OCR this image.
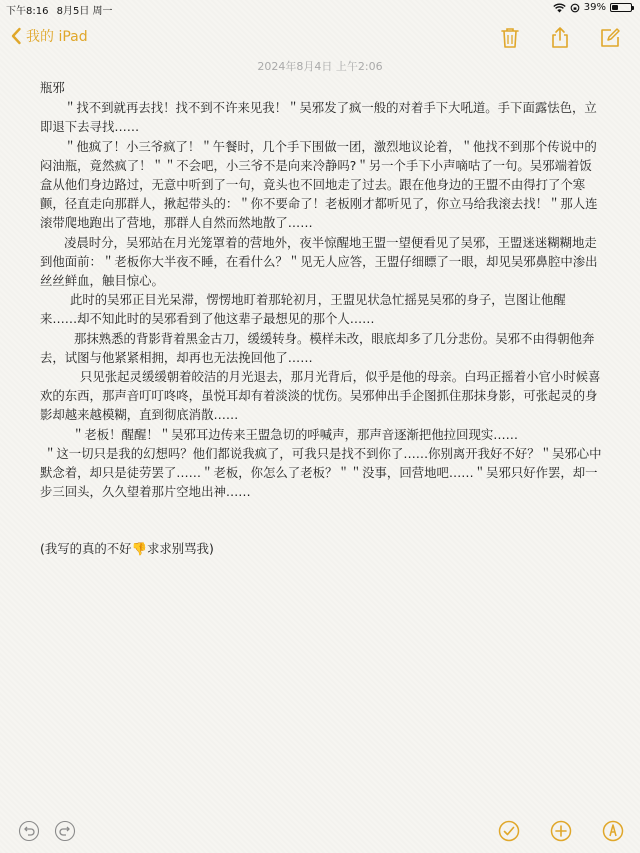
下午8:16 8月5日 周一	39%
我的 iPad
2024年8月4日 上午2:06

瓶邪

＂找不到就再去找！找不到不许来见我！＂吴邪发了疯一般的对着手下大吼道。手下面露怯色，立即退下去寻找……

＂他疯了！小三爷疯了！＂午餐时，几个手下围做一团，激烈地议论着，＂他找不到那个传说中的闷油瓶，竟然疯了！＂＂不会吧，小三爷不是向来冷静吗?＂另一个手下小声嘀咕了一句。吴邪端着饭盒从他们身边路过，无意中听到了一句，竟头也不回地走了过去。跟在他身边的王盟不由得打了个寒颤，径直走向那群人，揪起带头的：＂你不要命了！老板刚才都听见了，你立马给我滚去找！＂那人连滚带爬地跑出了营地，那群人自然而然地散了……

凌晨时分，吴邪站在月光笼罩着的营地外，夜半惊醒地王盟一望便看见了吴邪，王盟迷迷糊糊地走到他面前：＂老板你大半夜不睡，在看什么？＂见无人应答，王盟仔细瞟了一眼，却见吴邪鼻腔中渗出丝丝鲜血，触目惊心。

此时的吴邪正目光呆滞，愣愣地盯着那轮初月，王盟见状急忙摇晃吴邪的身子，岂图让他醒来……却不知此时的吴邪看到了他这辈子最想见的那个人……

那抹熟悉的背影背着黑金古刀，缓缓转身。模样未改，眼底却多了几分悲份。吴邪不由得朝他奔去，试图与他紧紧相拥，却再也无法挽回他了……

只见张起灵缓缓朝着皎洁的月光退去，那月光背后，似乎是他的母亲。白玛正摇着小官小时候喜欢的东西，那声音叮叮咚咚，虽悦耳却有着淡淡的忧伤。吴邪伸出手企图抓住那抹身影，可张起灵的身影却越来越模糊，直到彻底消散……

＂老板！醒醒！＂吴邪耳边传来王盟急切的呼喊声，那声音逐渐把他拉回现实……

＂这一切只是我的幻想吗？他们都说我疯了，可我只是找不到你了……你别离开我好不好？＂吴邪心中默念着，却只是徒劳罢了……＂老板，你怎么了老板？＂＂没事，回营地吧……＂吴邪只好作罢，却一步三回头，久久望着那片空地出神……

(我写的真的不好👎求求别骂我)
